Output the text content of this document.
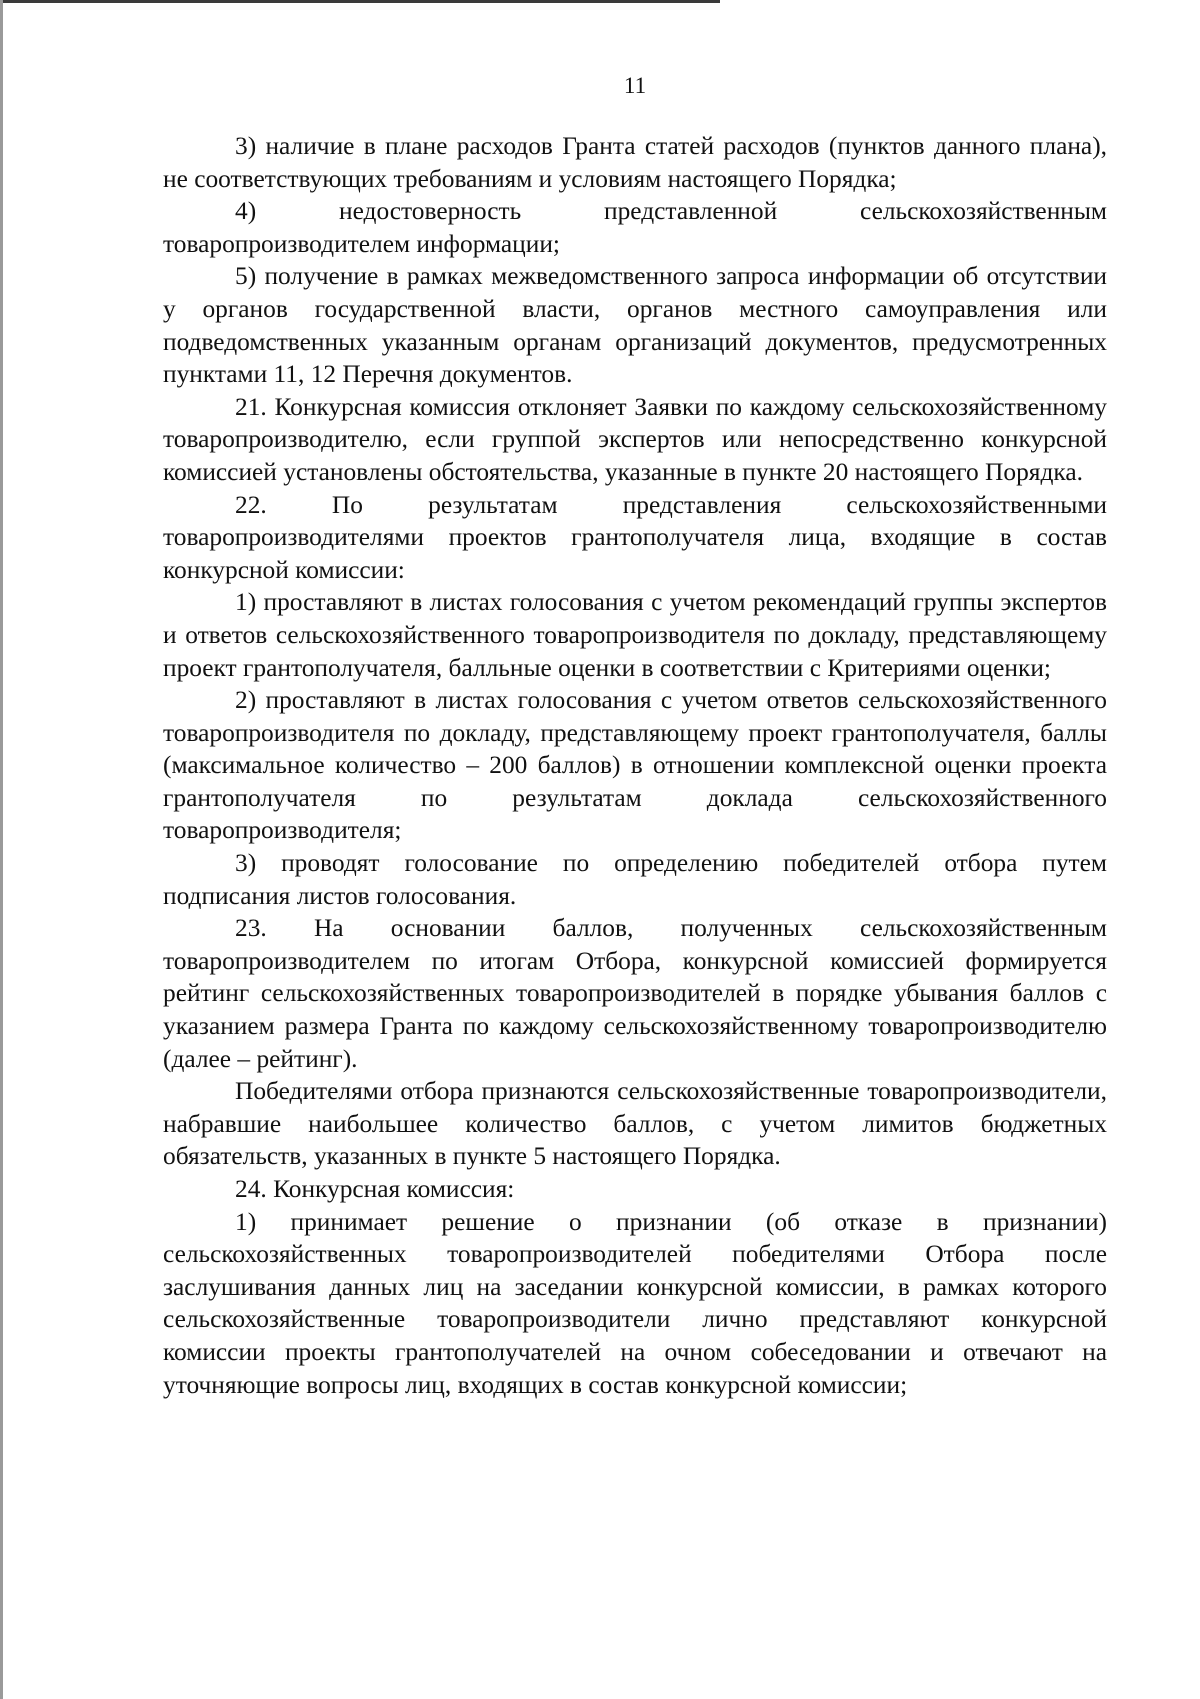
11

3) наличие в плане расходов Гранта статей расходов (пунктов данного плана), не соответствующих требованиям и условиям настоящего Порядка;

4) недостоверность представленной сельскохозяйственным товаропроизводителем информации;

5) получение в рамках межведомственного запроса информации об отсутствии у органов государственной власти, органов местного самоуправления или подведомственных указанным органам организаций документов, предусмотренных пунктами 11, 12 Перечня документов.

21. Конкурсная комиссия отклоняет Заявки по каждому сельскохозяйственному товаропроизводителю, если группой экспертов или непосредственно конкурсной комиссией установлены обстоятельства, указанные в пункте 20 настоящего Порядка.

22. По результатам представления сельскохозяйственными товаропроизводителями проектов грантополучателя лица, входящие в состав конкурсной комиссии:

1) проставляют в листах голосования с учетом рекомендаций группы экспертов и ответов сельскохозяйственного товаропроизводителя по докладу, представляющему проект грантополучателя, балльные оценки в соответствии с Критериями оценки;

2) проставляют в листах голосования с учетом ответов сельскохозяйственного товаропроизводителя по докладу, представляющему проект грантополучателя, баллы (максимальное количество – 200 баллов) в отношении комплексной оценки проекта грантополучателя по результатам доклада сельскохозяйственного товаропроизводителя;

3) проводят голосование по определению победителей отбора путем подписания листов голосования.

23. На основании баллов, полученных сельскохозяйственным товаропроизводителем по итогам Отбора, конкурсной комиссией формируется рейтинг сельскохозяйственных товаропроизводителей в порядке убывания баллов с указанием размера Гранта по каждому сельскохозяйственному товаропроизводителю (далее – рейтинг).

Победителями отбора признаются сельскохозяйственные товаропроизводители, набравшие наибольшее количество баллов, с учетом лимитов бюджетных обязательств, указанных в пункте 5 настоящего Порядка.

24. Конкурсная комиссия:

1) принимает решение о признании (об отказе в признании) сельскохозяйственных товаропроизводителей победителями Отбора после заслушивания данных лиц на заседании конкурсной комиссии, в рамках которого сельскохозяйственные товаропроизводители лично представляют конкурсной комиссии проекты грантополучателей на очном собеседовании и отвечают на уточняющие вопросы лиц, входящих в состав конкурсной комиссии;
